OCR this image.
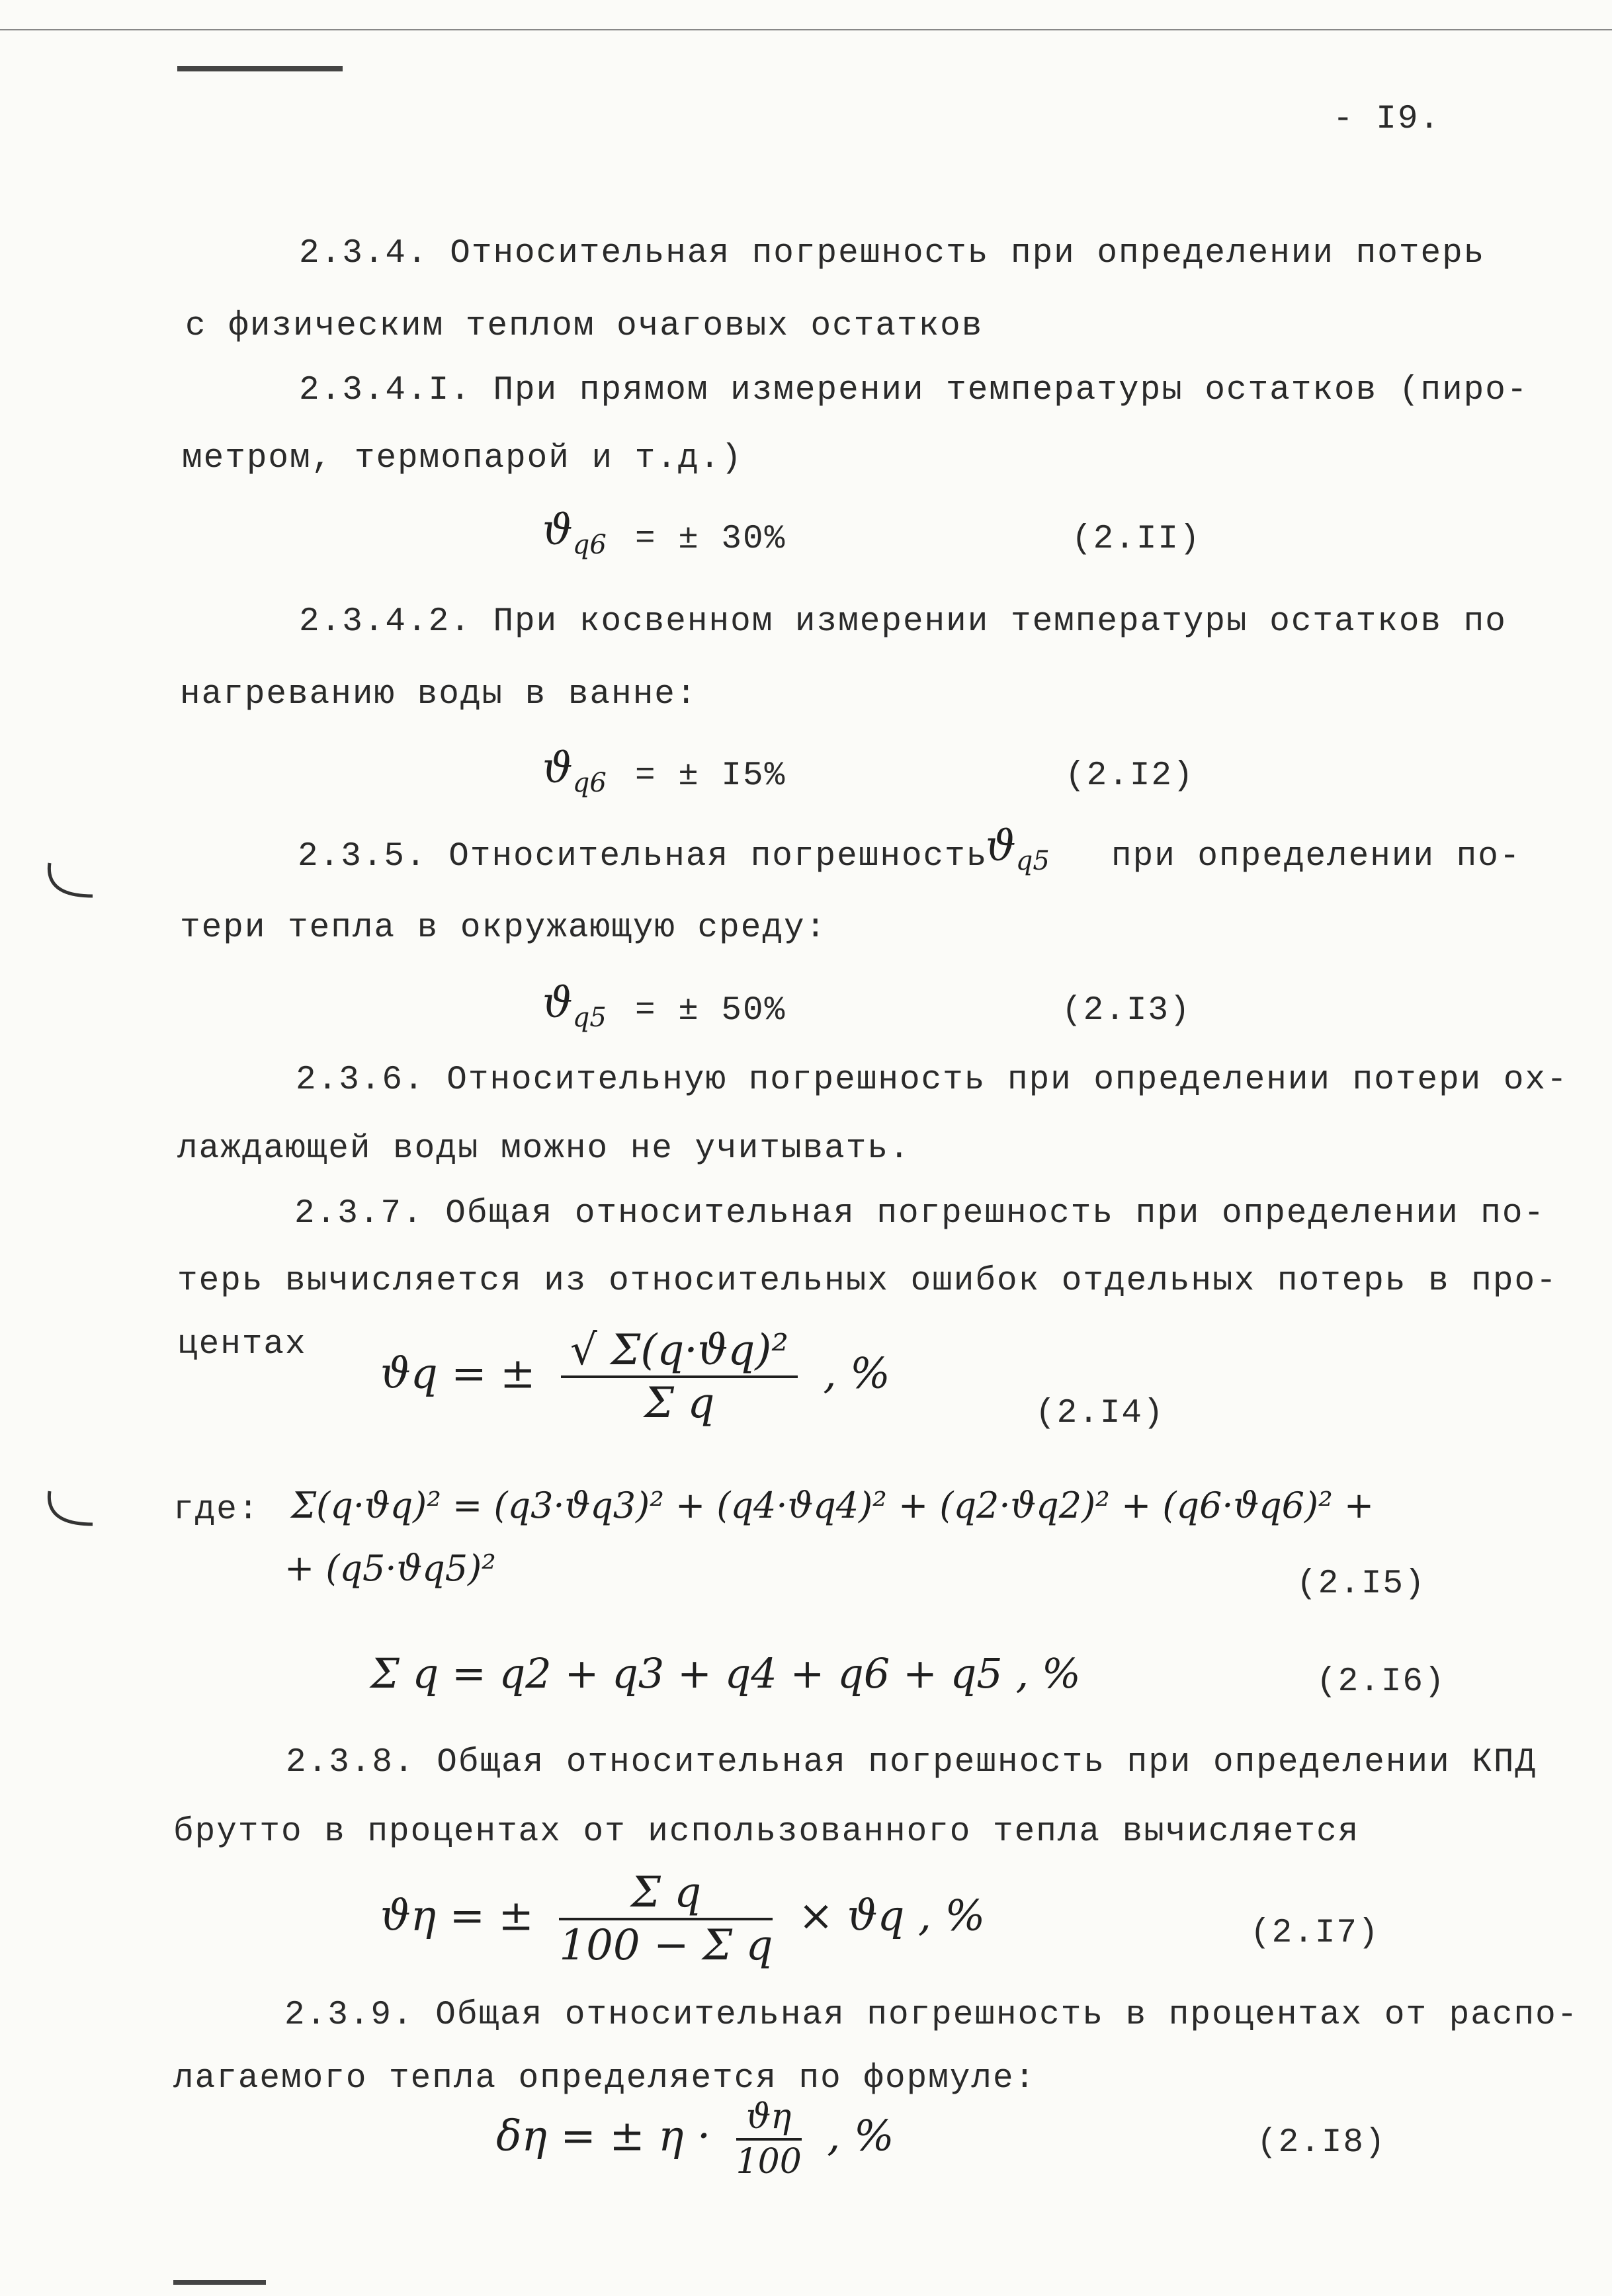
- I9.
2.3.4. Относительная погрешность при определении потерь
с физическим теплом очаговых остатков
2.3.4.I. При прямом измерении температуры остатков (пиро-
метром, термопарой и т.д.)
$ϑ_{q6}$ = ± 30%	(2.II)
2.3.4.2. При косвенном измерении температуры остатков по
нагреванию воды в ванне:
$ϑ_{q6}$ = ± I5%	(2.I2)
2.3.5. Относительная погрешность
$ϑ_{q5}$ при определении по-
тери тепла в окружающую среду:
$ϑ_{q5}$ = ± 50%	(2.I3)
2.3.6. Относительную погрешность при определении потери ох-
лаждающей воды можно не учитывать.
2.3.7. Общая относительная погрешность при определении по-
терь вычисляется из относительных ошибок отдельных потерь в про-
центах
ϑq = ± $\frac{\text{√ Σ(q·ϑq)²}}{\text{Σ q}}$ , %
(2.I4)
где: Σ(q·ϑq)² = (q3·ϑq3)² + (q4·ϑq4)² + (q2·ϑq2)² + (q6·ϑq6)² +
+ (q5·ϑq5)²	(2.I5)
Σ q = q2 + q3 + q4 + q6 + q5 , %	(2.I6)
2.3.8. Общая относительная погрешность при определении КПД
брутто в процентах от использованного тепла вычисляется
ϑη = ± $\frac{\text{Σ q}}{\text{100 − Σ q}} \times ϑq$ , %	(2.I7)
2.3.9. Общая относительная погрешность в процентах от распо-
лагаемого тепла определяется по формуле:
δη = ± $\eta \cdot \frac{ϑ\eta}{100}$ , %	(2.I8)
